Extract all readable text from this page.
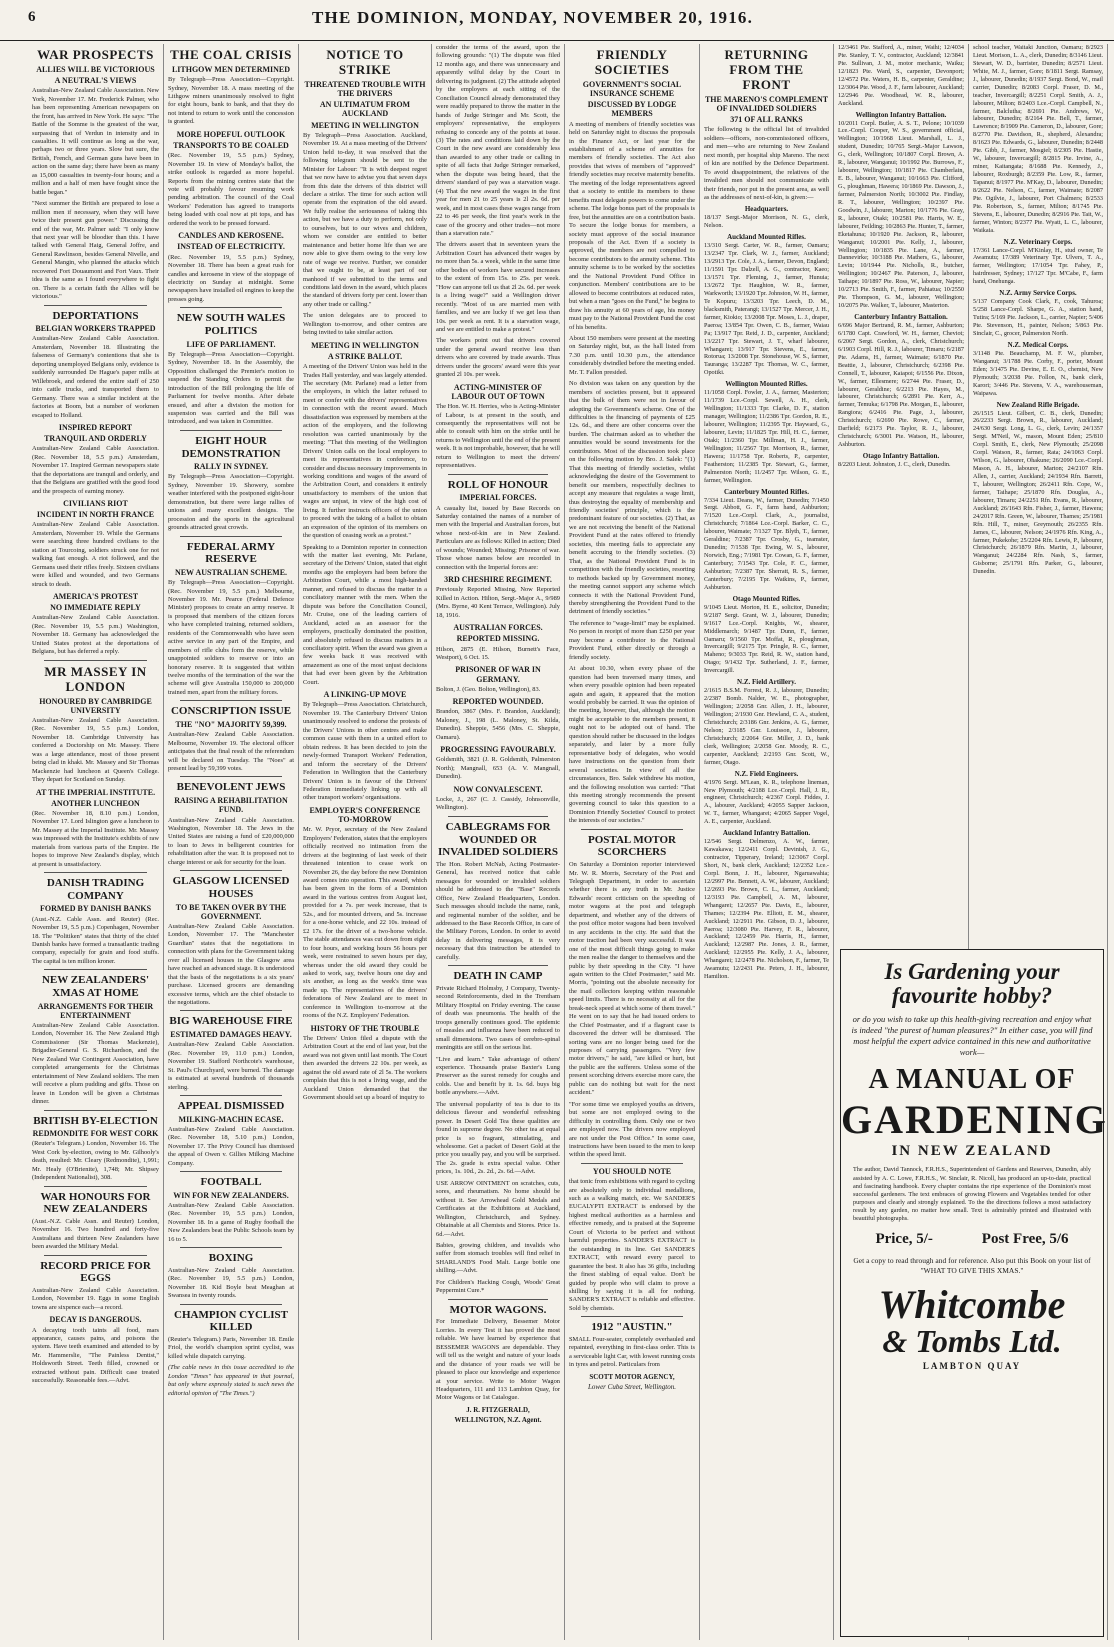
6	THE DOMINION, MONDAY, NOVEMBER 20, 1916.
WAR PROSPECTS
ALLIES WILL BE VICTORIOUS
A NEUTRAL'S VIEWS

Australian-New Zealand Cable Association. New York, November 17. Mr. Frederick Palmer, who has been representing American newspapers on the front, has arrived in New York. He says: "The Battle of the Somme is the greatest of the war, surpassing that of Verdun in intensity and in casualties. It will continue as long as the war, perhaps two or three years. Slow but sure, the British, French, and German guns have been in action on the same day; there have been as many as 15,000 casualties in twenty-four hours; and a million and a half of men have fought since the battle began."

"Next summer the British are prepared to lose a million men if necessary, when they will have twice their present gun power." Discussing the end of the war, Mr. Palmer said: "I only know that next year will be bloodier than this. I have talked with General Haig, General Joffre, and General Rawlinson, besides General Nivelle, and General Mangin, who planned the attacks which recovered Fort Douaumont and Fort Vaux. Their idea is the same as I found everywhere to fight on. There is a certain faith the Allies will be victorious."

DEPORTATIONS
BELGIAN WORKERS TRAPPED

Australian-New Zealand Cable Association. Amsterdam, November 18. Illustrating the falseness of Germany's contentions that she is deporting unemployed Belgians only, evidence is suddenly surrounded De Hague's paper mills at Willebroek, and ordered the entire staff of 250 into cattle trucks, and transported them to Germany. There was a similar incident at the factories at Boom, but a number of workmen escaped to Holland.

INSPIRED REPORT
TRANQUIL AND ORDERLY

Australian-New Zealand Cable Association. (Rec. November 18, 5.5 p.m.) Amsterdam, November 17. Inspired German newspapers state that the deportations are tranquil and orderly, and that the Belgians are gratified with the good food and the prospects of earning money.

CIVILIANS RIOT
INCIDENT IN NORTH FRANCE

Australian-New Zealand Cable Association. Amsterdam, November 19. While the Germans were searching three hundred civilians to the station at Tourcoing, soldiers struck one for not walking fast enough. A riot followed, and the Germans used their rifles freely. Sixteen civilians were killed and wounded, and two Germans struck to death.

AMERICA'S PROTEST
NO IMMEDIATE REPLY

Australian-New Zealand Cable Association. (Rec. November 19, 5.5 p.m.) Washington, November 18. Germany has acknowledged the United States protest at the deportations of Belgians, but has deferred a reply.

MR MASSEY IN LONDON
HONOURED BY CAMBRIDGE UNIVERSITY

Australian-New Zealand Cable Association. (Rec. November 19, 5.5 p.m.) London, November 18. Cambridge University has conferred a Doctorship on Mr. Massey. There was a large attendance, most of those present being clad in khaki. Mr. Massey and Sir Thomas Mackenzie had luncheon at Queen's College. They depart for Scotland on Sunday.

AT THE IMPERIAL INSTITUTE.
ANOTHER LUNCHEON

(Rec. November 18, 8.10 p.m.) London, November 17. Lord Islington gave a luncheon to Mr. Massey at the Imperial Institute. Mr. Massey was impressed with the Institute's exhibits of raw materials from various parts of the Empire. He hopes to improve New Zealand's display, which at present is unsatisfactory.

DANISH TRADING COMPANY
FORMED BY DANISH BANKS

(Aust.-N.Z. Cable Assn. and Reuter) (Rec. November 19, 5.5 p.m.) Copenhagen, November 18. The "Politiken" states that thirty of the chief Danish banks have formed a transatlantic trading company, especially for grain and food stuffs. The capital is ten million kroner.

NEW ZEALANDERS' XMAS AT HOME
ARRANGEMENTS FOR THEIR ENTERTAINMENT

Australian-New Zealand Cable Association. London, November 16. The New Zealand High Commissioner (Sir Thomas Mackenzie), Brigadier-General G. S. Richardson, and the New Zealand War Contingent Association, have completed arrangements for the Christmas entertainment of New Zealand soldiers. The men will receive a plum pudding and gifts. Those on leave in London will be given a Christmas dinner.

BRITISH BY-ELECTION
REDMONDITE FOR WEST CORK

(Reuter's Telegram.) London, November 16. The West Cork by-election, owing to Mr. Gilhooly's death, resulted: Mr. Cleary (Redmondite), 1,991; Mr. Healy (O'Brienite), 1,748; Mr. Shipsey (Independent Nationalist), 308.

WAR HONOURS FOR NEW ZEALANDERS

(Aust.-N.Z. Cable Assn. and Reuter) London, November 16. Two hundred and forty-five Australians and thirteen New Zealanders have been awarded the Military Medal.

RECORD PRICE FOR EGGS

Australian-New Zealand Cable Association. London, November 19. Eggs in some English towns are sixpence each—a record.

DECAY IS DANGEROUS.

A decaying tooth taints all food, mars appearance, causes pains, and poisons the system. Have teeth examined and attended to by Mr. Hammerslie, "The Painless Dentist," Holdsworth Street. Teeth filled, crowned or extracted without pain. Difficult case treated successfully. Reasonable fees.—Advt.

THE COAL CRISIS
LITHGOW MEN DETERMINED

By Telegraph—Press Association—Copyright. Sydney, November 18. A mass meeting of the Lithgow miners unanimously resolved to fight for eight hours, bank to bank, and that they do not intend to return to work until the concession is granted.

MORE HOPEFUL OUTLOOK
TRANSPORTS TO BE COALED

(Rec. November 19, 5.5 p.m.) Sydney, November 19. In view of Monday's ballot, the strike outlook is regarded as more hopeful. Reports from the mining centres state that the vote will probably favour resuming work pending arbitration. The council of the Coal Workers' Federation has agreed to transports being loaded with coal now at pit tops, and has ordered the work to be pressed forward.

CANDLES AND KEROSENE.
INSTEAD OF ELECTRICITY.

(Rec. November 19, 5.5 p.m.) Sydney, November 18. There has been a great rush for candles and kerosene in view of the stoppage of electricity on Sunday at midnight. Some newspapers have installed oil engines to keep the presses going.

NEW SOUTH WALES POLITICS
LIFE OF PARLIAMENT.

By Telegraph—Press Association—Copyright. Sydney, November 18. In the Assembly, the Opposition challenged the Premier's motion to suspend the Standing Orders to permit the introduction of the Bill prolonging the life of Parliament for twelve months. After debate ensued, and after a division the motion for suspension was carried and the Bill was introduced, and was taken in Committee.

EIGHT HOUR DEMONSTRATION
RALLY IN SYDNEY.

By Telegraph—Press Association—Copyright. Sydney, November 19. Showery, sombre weather interfered with the postponed eight-hour demonstration, but there were large rallies of unions and many excellent designs. The procession and the sports in the agricultural grounds attracted great crowds.

FEDERAL ARMY RESERVE
NEW AUSTRALIAN SCHEME.

By Telegraph—Press Association—Copyright. (Rec. November 19, 5.5 p.m.) Melbourne, November 19. Mr. Pearce (Federal Defence Minister) proposes to create an army reserve. It is proposed that members of the citizen forces who have completed training, returned soldiers, residents of the Commonwealth who have seen active service in any part of the Empire, and members of rifle clubs form the reserve, while unappointed soldiers to reserve or into an honorary reserve. It is suggested that within twelve months of the termination of the war the scheme will give Australia 150,000 to 200,000 trained men, apart from the military forces.

CONSCRIPTION ISSUE
THE "NO" MAJORITY 59,399.

Australian-New Zealand Cable Association. Melbourne, November 19. The electoral officer anticipates that the final result of the referendum will be declared on Tuesday. The "Noes" at present lead by 59,399 votes.

BENEVOLENT JEWS
RAISING A REHABILITATION FUND.

Australian-New Zealand Cable Association. Washington, November 18. The Jews in the United States are raising a fund of £20,000,000 to loan to Jews in belligerent countries for rehabilitation after the war. It is proposed not to charge interest or ask for security for the loan.

GLASGOW LICENSED HOUSES
TO BE TAKEN OVER BY THE GOVERNMENT.

Australian-New Zealand Cable Association. London, November 17. The "Manchester Guardian" states that the negotiations in connection with plans for the Government taking over all licensed houses in the Glasgow area have reached an advanced stage. It is understood that the basis of the negotiations is a six years' purchase. Licensed grocers are demanding excessive terms, which are the chief obstacle to the negotiations.

BIG WAREHOUSE FIRE
ESTIMATED DAMAGES HEAVY.

Australian-New Zealand Cable Association. (Rec. November 19, 11.0 p.m.) London, November 19. Stafford Northcote's warehouse, St. Paul's Churchyard, were burned. The damage is estimated at several hundreds of thousands sterling.

APPEAL DISMISSED
MILKING-MACHIN ECASE.

Australian-New Zealand Cable Association. (Rec. November 18, 5.10 p.m.) London, November 17. The Privy Council has dismissed the appeal of Owen v. Gillies Milking Machine Company.

FOOTBALL
WIN FOR NEW ZEALANDERS.

Australian-New Zealand Cable Association. (Rec. November 19, 5.5 p.m.) London, November 18. In a game of Rugby football the New Zealanders beat the Public Schools team by 16 to 5.

BOXING

Australian-New Zealand Cable Association. (Rec. November 19, 5.5 p.m.) London, November 18. Kid Boyle beat Meaghan at Swansea in twenty rounds.

CHAMPION CYCLIST KILLED

(Reuter's Telegram.) Paris, November 18. Emile Friol, the world's champion sprint cyclist, was killed while dispatch carrying.

(The cable news in this issue accredited to the London "Times" has appeared in that journal, but only where expressly stated is such news the editorial opinion of "The Times.")

NOTICE TO STRIKE
THREATENED TROUBLE WITH THE DRIVERS
AN ULTIMATUM FROM AUCKLAND
MEETING IN WELLINGTON

By Telegraph—Press Association. Auckland, November 19. At a mass meeting of the Drivers' Union held to-day, it was resolved that the following telegram should be sent to the Minister for Labour: "It is with deepest regret that we now have to advise you that seven days from this date the drivers of this district will declare a strike. The time for such action will operate from the expiration of the old award. We fully realise the seriousness of taking this action, but we have a duty to perform, not only to ourselves, but to our wives and children, whom we consider are entitled to better maintenance and better home life than we are now able to give them owing to the very low rate of wage we receive. Further, we consider that we ought to be, at least part of our manhood if we submitted to the terms and conditions laid down in the award, which places the standard of drivers forty per cent. lower than any other trade or calling."

The union delegates are to proceed to Wellington to-morrow, and other centres are being invited to take similar action.

MEETING IN WELLINGTON
A STRIKE BALLOT.

A meeting of the Drivers' Union was held in the Trades Hall yesterday, and was largely attended. The secretary (Mr. Parlane) read a letter from the employers, in which the latter refused to meet or confer with the drivers' representatives in connection with the recent award. Much dissatisfaction was expressed by members at the action of the employers, and the following resolution was carried unanimously by the meeting: "That this meeting of the Wellington Drivers' Union calls on the local employers to meet its representatives in conference, to consider and discuss necessary improvements in working conditions and wages of the award of the Arbitration Court, and considers it entirely unsatisfactory to members of the union that wages are unjust, in view of the high cost of living. It further instructs officers of the union to proceed with the taking of a ballot to obtain an expression of the opinion of its members on the question of ceasing work as a protest."

Speaking to a Dominion reporter in connection with the matter last evening, Mr. Parlane, secretary of the Drivers' Union, stated that eight months ago the employers had been before the Arbitration Court, while a most high-handed manner, and refused to discuss the matter in a conciliatory manner with the men. When the dispute was before the Conciliation Council, Mr. Cruise, one of the leading carriers of Auckland, acted as an assessor for the employers, practically dominated the position, and absolutely refused to discuss matters in a conciliatory spirit. When the award was given a few weeks back it was received with amazement as one of the most unjust decisions that had ever been given by the Arbitration Court.

A LINKING-UP MOVE

By Telegraph—Press Association. Christchurch, November 19. The Canterbury Drivers' Union unanimously resolved to endorse the protests of the Drivers' Unions in other centres and make common cause with them in a united effort to obtain redress. It has been decided to join the newly-formed Transport Workers' Federation, and inform the secretary of the Drivers' Federation in Wellington that the Canterbury Drivers' Union is in favour of the Drivers' Federation immediately linking up with all other transport workers' organisations.

EMPLOYER'S CONFERENCE TO-MORROW

Mr. W. Pryor, secretary of the New Zealand Employers' Federation, states that the employers officially received no intimation from the drivers at the beginning of last week of their threatened intention to cease work on November 26, the day before the new Dominion award comes into operation. This award, which has been given in the form of a Dominion award in the various centres from August last, provided for a 7s. per week increase, that is 52s., and for mounted drivers, and 5s. increase for a one-horse vehicle, and 22 10s. instead of £2 17s. for the driver of a two-horse vehicle. The stable attendances was cut down from eight to four hours, and working hours 56 hours per week, were restrained to seven hours per day, whereas under the old award they could be asked to work, say, twelve hours one day and six another, as long as the week's time was made up. The representatives of the drivers' federations of New Zealand are to meet in conference in Wellington to-morrow at the rooms of the N.Z. Employers' Federation.

HISTORY OF THE TROUBLE

The Drivers' Union filed a dispute with the Arbitration Court at the end of last year, but the award was not given until last month. The Court then awarded the drivers 22 10s. per week, as against the old award rate of 2l 5s. The workers complain that this is not a living wage, and the Auckland Union demanded that the Government should set up a board of inquiry to

consider the terms of the award, upon the following grounds: "(1) The dispute was filed 12 months ago, and there was unnecessary and apparently wilful delay by the Court in delivering its judgment. (2) The attitude adopted by the employers at each sitting of the Conciliation Council already demonstrated they were readily prepared to throw the matter in the hands of Judge Stringer and Mr. Scott, the employers' representative, the employers refusing to concede any of the points at issue. (3) The rates and conditions laid down by the Court in the new award are considerably less than awarded to any other trade or calling in spite of all facts that Judge Stringer remarked, when the dispute was being heard, that the drivers' standard of pay was a starvation wage. (4) That the new award the wages in the first year for men 21 to 25 years is 2l 2s. 6d. per week, and in most cases these wages range from 22 to 46 per week, the first year's work in the case of the grocery and other trades—not more than a starvation rate."

The drivers assert that in seventeen years the Arbitration Court has advanced their wages by no more than 5s. a week, while in the same time other bodies of workers have secured increases to the extent of from 15s. to 25s. per week. "How can anyone tell us that 2l 2s. 6d. per week is a living wage?" said a Wellington driver recently. "Most of us are married men with families, and we are lucky if we get less than 10s. per week as rent. It is a starvation wage, and we are entitled to make a protest."

The workers point out that drivers covered under the general award receive less than drivers who are covered by trade awards. Thus drivers under the grocers' award were this year granted 2l 10s. per week.

ACTING-MINISTER OF LABOUR OUT OF TOWN

The Hon. W. H. Herries, who is Acting-Minister of Labour, is at present in the south, and consequently the representatives will not be able to consult with him on the strike until he returns to Wellington until the end of the present week. It is not improbable, however, that he will return to Wellington to meet the drivers' representatives.

ROLL OF HONOUR
IMPERIAL FORCES.

A casualty list, issued by Base Records on Saturday contained the names of a number of men with the Imperial and Australian forces, but whose next-of-kin are in New Zealand. Particulars are as follows: Killed in action; Died of wounds; Wounded; Missing; Prisoner of war. Those whose names below are recorded in connection with the Imperial forces are:

3RD CHESHIRE REGIMENT.

Previously Reported Missing, Now Reported Killed in Action. Hilton, Sergt.-Major A., 9/989 (Mrs. Byrne, 40 Kent Terrace, Wellington). July 18, 1916.

AUSTRALIAN FORCES.
REPORTED MISSING.

Hilson, 2875 (E. Hilson, Burnett's Face, Westport), 6 Oct. 15.

PRISONER OF WAR IN GERMANY.

Bolton, J. (Geo. Bolton, Wellington), 83.

REPORTED WOUNDED.

Brandon, 3867 (Mrs. F. Brandon, Auckland); Maloney, J., 198 (L. Maloney, St. Kilda, Dunedin). Sheppie, 5456 (Mrs. C. Sheppie, Oamaru).

PROGRESSING FAVOURABLY.

Goldsmith, 3821 (J. R. Goldsmith, Palmerston North); Mangnall, 653 (A. V. Mangnall, Dunedin).

NOW CONVALESCENT.

Locke, J., 267 (C. J. Cassidy, Johnsonville, Wellington).

CABLEGRAMS FOR WOUNDED OR INVALIDED SOLDIERS

The Hon. Robert McNab, Acting Postmaster-General, has received notice that cable messages for wounded or invalided soldiers should be addressed to the "Base" Records Office, New Zealand Headquarters, London. Such messages should include the name, rank, and regimental number of the soldier, and be addressed to the Base Records Office, in care of the Military Forces, London. In order to avoid delay in delivering messages, it is very necessary that this instruction be attended to carefully.

DEATH IN CAMP

Private Richard Holmsby, J Company, Twenty-second Reinforcements, died in the Trentham Military Hospital on Friday evening. The cause of death was pneumonia. The health of the troops generally continues good. The epidemic of measles and influenza have been reduced to small dimensions. Two cases of cerebro-spinal meningitis are still on the serious list.

"Live and learn." Take advantage of others' experience. Thousands praise Baxter's Lung Preserver as the surest remedy for coughs and colds. Use and benefit by it. 1s. 6d. buys big bottle anywhere.—Advt.

The universal popularity of tea is due to its delicious flavour and wonderful refreshing power. In Desert Gold Tea these qualities are found in supreme degree. No other tea at equal price is so fragrant, stimulating, and wholesome. Get a packet of Desert Gold at the price you usually pay, and you will be surprised. The 2s. grade is extra special value. Other prices, 1s. 10d., 2s. 2d., 2s. 6d.—Advt.

USE ARROW OINTMENT on scratches, cuts, sores, and rheumatism. No home should be without it. See Arrowhead Gold Medals and Certificates at the Exhibitions at Auckland, Wellington, Christchurch, and Sydney. Obtainable at all Chemists and Stores. Price 1s. 6d.—Advt.

Babies, growing children, and invalids who suffer from stomach troubles will find relief in SHARLAND'S Food Malt. Large bottle one shilling.—Advt.

For Children's Hacking Cough, Woods' Great Peppermint Cure.*

MOTOR WAGONS.

For Immediate Delivery, Bessemer Motor Lorries. In every Test it has proved the most reliable. We have learned by experience that BESSEMER WAGONS are dependable. They will tell us the weight and nature of your loads and the distance of your roads we will be pleased to place our knowledge and experience at your service. Write to Motor Wagon Headquarters, 111 and 113 Lambton Quay, for Motor Wagons or 1st Catalogue.

J. R. FITZGERALD,
WELLINGTON, N.Z. Agent.
FRIENDLY SOCIETIES
GOVERNMENT'S SOCIAL INSURANCE SCHEME
DISCUSSED BY LODGE MEMBERS

A meeting of members of friendly societies was held on Saturday night to discuss the proposals in the Finance Act, or last year for the establishment of a scheme of annuities for members of friendly societies. The Act also provides that wives of members of "approved" friendly societies may receive maternity benefits. The meeting of the lodge representatives agreed that a society to entitle its members to these benefits must delegate powers to come under the scheme. The lodge bonus part of the proposals is free, but the annuities are on a contribution basis. To secure the lodge bonus for members, a society must approve of the social insurance proposals of the Act. Even if a society is approved, the members are not compelled to become contributors to the annuity scheme. This annuity scheme is to be worked by the societies and the National Provident Fund Office in conjunction. Members' contributions are to be allowed to become contributors at reduced rates, but when a man "goes on the Fund," he begins to draw his annuity at 60 years of age, his money must pay to the National Provident Fund the cost of his benefits.

About 150 members were present at the meeting on Saturday night, but, as the hall listed from 7.30 p.m. until 10.30 p.m., the attendance considerably dwindled before the meeting ended. Mr. T. Fallon presided.

No division was taken on any question by the members of societies present, but it appeared that the bulk of them were not in favour of adopting the Government's scheme. One of the difficulties is the financing of payments of £25 12s. 6d., and there are other concerns over the burden. The chairman asked as to whether the annuities would be sound investments for the contributors. Most of the discussion took place on the following motion by Bro. J. Salek: "(1) That this meeting of friendly societies, whilst acknowledging the desire of the Government to benefit our members, respectfully declines to accept any measure that regulates a wage limit, thus destroying the equality of membership and friendly societies' principle, which is the predominant feature of our societies. (2) That, as we are not receiving the benefit of the National Provident Fund at the rates offered to friendly societies, this meeting fails to appreciate any benefit accruing to the friendly societies. (3) That, as the National Provident Fund is in competition with the friendly societies, resorting to methods backed up by Government money, the meeting cannot support any scheme which connects it with the National Provident Fund, thereby strengthening the Provident Fund to the detriment of friendly societies."

The reference to "wage-limit" may be explained. No person in receipt of more than £250 per year may become a contributor to the National Provident Fund, either directly or through a friendly society.

At about 10.30, when every phase of the question had been traversed many times, and when every possible opinion had been repeated again and again, it appeared that the motion would probably be carried. It was the opinion of the meeting, however, that, although the motion might be acceptable to the members present, it ought not to be adopted out of hand. The question should rather be discussed in the lodges separately, and later by a more fully representative body of delegates, who would have instructions on the question from their several societies. In view of all the circumstances, Bro. Salek withdrew his motion, and the following resolution was carried: "That this meeting strongly recommends the present governing council to take this question to a Dominion Friendly Societies' Council to protect the interests of our societies."

POSTAL MOTOR SCORCHERS

On Saturday a Dominion reporter interviewed Mr. W. R. Morris, Secretary of the Post and Telegraph Department, in order to ascertain whether there is any truth in Mr. Justice Edwards' recent criticism on the speeding of motor wagons at the post and telegraph department, and whether any of the drivers of the post office motor wagons had been involved in any accidents in the city. He said that the motor traction had been very successful. It was one of the most difficult things going to make the men realise the danger to themselves and the public by their speeding in the City. "I have again written to the Chief Postmaster," said Mr. Morris, "pointing out the absolute necessity for the mail collectors keeping within reasonable speed limits. There is no necessity at all for the break-neck speed at which some of them travel." He went on to say that he had issued orders to the Chief Postmaster, and if a flagrant case is discovered the driver will be dismissed. The sorting vans are no longer being used for the purposes of carrying passengers. "Very few motor drivers," he said, "are killed or hurt, but the public are the sufferers. Unless some of the present scorching drivers exercise more care, the public can do nothing but wait for the next accident."

"For some time we employed youths as drivers, but some are not employed owing to the difficulty in controlling them. Only one or two are employed now. The drivers now employed are not under the Post Office." In some case, instructions have been issued to the men to keep within the speed limit.

YOU SHOULD NOTE

that tonic from exhibitions with regard to cycling are absolutely only to individual medallions, such as a walking match, etc. We SANDER'S EUCALYPTI EXTRACT is endorsed by the highest medical authorities as a harmless and effective remedy, and is praised at the Supreme Court of Victoria to be perfect and without harmful properties. SANDER'S EXTRACT is the outstanding in its line. Get SANDER'S EXTRACT, with reward every parcel to guarantee the best. It also has 36 gifts, including the finest stabling of equal value. Don't be guided by people who will claim to prove a shilling by saying it is all for nothing. SANDER'S EXTRACT is reliable and effective. Sold by chemists.

1912 "AUSTIN."

SMALL Four-seater, completely overhauled and repainted, everything in first-class order. This is a serviceable light Car, with lowest running costs in tyres and petrol. Particulars from

SCOTT MOTOR AGENCY,
Lower Cuba Street, Wellington.
RETURNING FROM THE FRONT
THE MARENO'S COMPLEMENT OF INVALIDED SOLDIERS
371 OF ALL RANKS

The following is the official list of invalided soldiers—officers, non-commissioned officers, and men—who are returning to New Zealand next month, per hospital ship Mareno. The next of kin are notified by the Defence Department. To avoid disappointment, the relatives of the invalided men should not communicate with their friends, nor put in the present area, as well as the addresses of next-of-kin, is given:—

Headquarters.

18/137 Sergt.-Major Morrison, N. G., clerk, Nelson.

Auckland Mounted Rifles.

13/310 Sergt. Carter, W. R., farmer, Oamaru; 13/2347 Tpr. Clark, W. J., farmer, Auckland; 13/2913 Tpr. Cole, J. A., farmer, Devon, England; 11/1591 Tpr. Dalzell, A. G., contractor, Kaeo; 13/1571 Tpr. Fleming, J., farmer, Hunuia; 13/2672 Tpr. Haughton, W. R., farmer, Warkworth; 13/1920 Tpr. Johnston, W. H., farmer, Te Kopuru; 13/3203 Tpr. Leech, D. M., blacksmith, Paterangi; 13/1527 Tpr. Mercer, J. H., farmer, Kiokio; 13/2008 Tpr. Moses, L. J., draper, Paeroa; 13/854 Tpr. Owen, C. B., farmer, Waiau Pa; 13/917 Tpr. Reid, J. D., carpenter, Auckland; 13/2217 Tpr. Stewart, J. T., wharf labourer, Whangarei; 13/917 Tpr. Stevens, E., farmer, Rotorua; 13/2008 Tpr. Stonehouse, W. S., farmer, Tauranga; 13/2287 Tpr. Thomas, W. C., farmer, Opotiki.

Wellington Mounted Rifles.

11/1058 Corpl. Fowler, J. A., farmer, Masterton; 11/1739 Lce.-Corpl. Sewell, A. H., clerk, Wellington; 11/1333 Tpr. Clarke, D. F., station manager, Wellington; 11/2386 Tpr. Gordon, R. E., labourer, Wellington; 11/2395 Tpr. Hayward, G., labourer, Levin; 11/1825 Tpr. Hill, H. C., farmer, Otaki; 11/2360 Tpr. Millman, H. J., farmer, Wellington; 11/2567 Tpr. Morrison, R., farmer, Hawera; 11/1758 Tpr. Roberts, P., carpenter, Featherston; 11/2385 Tpr. Stewart, G., farmer, Palmerston North; 11/2457 Tpr. Wilson, G. E., farmer, Wellington.

Canterbury Mounted Rifles.

7/334 Lieut. Deans, W., farmer, Dunedin; 7/1450 Sergt. Abbott, G. F., farm hand, Ashburton; 7/1520 Lce.-Corpl. Clark, A., journalist, Christchurch; 7/1864 Lce.-Corpl. Barker, C. C., labourer, Waimate; 7/1327 Tpr. Blyth, T., farmer, Geraldine; 7/2387 Tpr. Crosby, G., teamster, Dunedin; 7/1538 Tpr. Ewing, W. S., labourer, Norwich, Eng.; 7/1981 Tpr. Cowan, G. F., farmer, Canterbury; 7/1543 Tpr. Cole, F. C., farmer, Ashburton; 7/2387 Tpr. Sherratt, R. S., farmer, Canterbury; 7/2195 Tpr. Watkins, P., farmer, Ashburton.

Otago Mounted Rifles.

9/1045 Lieut. Morton, H. E., solicitor, Dunedin; 9/2187 Sergt. Grant, W. J., labourer, Dunedin; 9/1617 Lce.-Corpl. Knights, W., shearer, Middlemarch; 9/1487 Tpr. Dunn, F., farmer, Oamaru; 9/1560 Tpr. Moffat, R., ploughman, Invercargill; 9/2175 Tpr. Pringle, R. C., farmer, Maheno; 9/3033 Tpr. Reid, R. W., station hand, Otago; 9/1432 Tpr. Sutherland, J. F., farmer, Invercargill.

N.Z. Field Artillery.

2/1615 B.S.M. Forrest, R. J., labourer, Dunedin; 2/2387 Bomb. Nalder, W. E., photographer, Wellington; 2/2058 Gnr. Allen, J. H., labourer, Wellington; 2/1930 Gnr. Hewland, C. A., student, Christchurch; 2/3186 Gnr. Jenkins, A. G., farmer, Nelson; 2/3185 Gnr. Louisson, J., labourer, Christchurch; 2/2064 Gnr. Miller, J. D., bank clerk, Wellington; 2/2058 Gnr. Moody, R. C., carpenter, Auckland; 2/2193 Gnr. Scott, W., farmer, Otago.

N.Z. Field Engineers.

4/1976 Sergt. M'Lean, K. R., telephone lineman, New Plymouth; 4/2188 Lce.-Corpl. Hall, J. R., engineer, Christchurch; 4/2367 Corpl. Fiddes, J. A., labourer, Auckland; 4/2055 Sapper Jackson, W. T., farmer, Whangarei; 4/2065 Sapper Vogel, A. E., carpenter, Auckland.

Auckland Infantry Battalion.

12/546 Sergt. Delmenzo, A. W., farmer, Kawakawa; 12/2411 Corpl. Devinish, J. G., contractor, Tipperary, Ireland; 12/3067 Corpl. Short, N., bank clerk, Auckland; 12/2352 Lce.-Corpl. Bonn, J. H., labourer, Ngaruawahia; 12/2997 Pte. Bennett, A. W., labourer, Auckland; 12/2693 Pte. Brown, C. L., farmer, Auckland; 12/3193 Pte. Campbell, A. M., labourer, Whangarei; 12/2657 Pte. Davis, E., labourer, Thames; 12/2394 Pte. Elliott, E. M., shearer, Auckland; 12/2911 Pte. Gibson, D. J., labourer, Paeroa; 12/3080 Pte. Harvey, F. R., labourer, Auckland; 12/2459 Pte. Harris, H., farmer, Auckland; 12/2987 Pte. Jones, J. R., farmer, Auckland; 12/2955 Pte. Kelly, J. A., labourer, Whangarei; 12/2478 Pte. Nicholson, F., farmer, Te Awamutu; 12/2431 Pte. Peters, J. H., labourer, Hamilton.

12/3461 Pte. Stafford, A., miner, Waihi; 12/4034 Pte. Stanley, T. V., contractor, Auckland; 12/3841 Pte. Sullivan, J. M., motor mechanic, Waiku; 12/1823 Pte. Ward, S., carpenter, Devonport; 12/4572 Pte. Waters, H. B., carpenter, Geraldine; 12/3064 Pte. Wood, J. F., farm labourer, Auckland; 12/2946 Pte. Woodhead, W. R., labourer, Auckland.

Wellington Infantry Battalion.

10/2011 Corpl. Butler, A. S. T., Pelone; 10/1039 Lce.-Corpl. Cooper, W. S., government official, Wellington; 10/1968 Lieut. Marshall, L. J., student, Dunedin; 10/765 Sergt.-Major Lawson, G., clerk, Wellington; 10/1807 Corpl. Brown, A. R., labourer, Wanganui; 10/1992 Pte. Burrows, F., labourer, Wellington; 10/1817 Pte. Chamberlain, E. B., labourer, Wanganui; 10/1663 Pte. Clifford, G., ploughman, Hawera; 10/1869 Pte. Dawson, J., farmer, Palmerston North; 10/3002 Pte. Findlay, R. T., labourer, Wellington; 10/2397 Pte. Goodwin, J., labourer, Marton; 10/1776 Pte. Gray, R., labourer, Otaki; 10/2581 Pte. Harris, W. E., labourer, Feilding; 10/2863 Pte. Hunter, T., farmer, Eketahuna; 10/1920 Pte. Jackson, R., labourer, Wanganui; 10/2001 Pte. Kelly, J., labourer, Wellington; 10/1835 Pte. Lane, A., farmer, Dannevirke; 10/3188 Pte. Mathers, G., labourer, Levin; 10/1944 Pte. Nicholls, R., butcher, Wellington; 10/2467 Pte. Paterson, J., labourer, Taihape; 10/1897 Pte. Ross, W., labourer, Napier; 10/2713 Pte. Smith, F., farmer, Pahiatua; 10/2550 Pte. Thompson, G. M., labourer, Wellington; 10/2075 Pte. Walker, T., labourer, Masterton.

Canterbury Infantry Battalion.

6/696 Major Bertrand, R. M., farmer, Ashburton; 6/1780 Capt. Crawford, W. H., farmer, Cheviot; 6/2067 Sergt. Gordon, A., clerk, Christchurch; 6/1903 Corpl. Hill, R. J., labourer, Timaru; 6/2187 Pte. Adams, H., farmer, Waimate; 6/1870 Pte. Beattie, J., labourer, Christchurch; 6/2398 Pte. Connell, T., labourer, Kaiapoi; 6/1556 Pte. Dixon, W., farmer, Ellesmere; 6/2744 Pte. Fraser, D., labourer, Geraldine; 6/2213 Pte. Hayes, M., labourer, Christchurch; 6/2891 Pte. Kerr, A., farmer, Temuka; 6/1798 Pte. Morgan, E., labourer, Rangiora; 6/2416 Pte. Page, J., labourer, Christchurch; 6/2690 Pte. Rowe, C., farmer, Darfield; 6/2173 Pte. Taylor, R. J., labourer, Christchurch; 6/3001 Pte. Watson, H., labourer, Ashburton.

Otago Infantry Battalion.

8/2203 Lieut. Johnston, J. C., clerk, Dunedin.

school teacher, Waitaki Junction, Oamaru; 8/2923 Lieut. Morison, L. A., clerk, Dunedin; 8/3146 Lieut. Stewart, W. D., barrister, Dunedin; 8/2571 Lieut. White, M. J., farmer, Gore; 8/1811 Sergt. Ramsay, J., labourer, Dunedin; 8/1937 Sergt. Bond, W., mail carrier, Dunedin; 8/2083 Corpl. Fraser, D. M., teacher, Invercargill; 8/2251 Corpl. Smith, A. J., labourer, Milton; 8/2403 Lce.-Corpl. Campbell, N., farmer, Balclutha; 8/2691 Pte. Andrews, W., labourer, Dunedin; 8/2164 Pte. Bell, T., farmer, Lawrence; 8/1909 Pte. Cameron, D., labourer, Gore; 8/2770 Pte. Davidson, R., shepherd, Alexandra; 8/1623 Pte. Edwards, G., labourer, Dunedin; 8/2448 Pte. Gibb, J., farmer, Mosgiel; 8/2305 Pte. Hastie, W., labourer, Invercargill; 8/2815 Pte. Irvine, A., miner, Kaitangata; 8/1688 Pte. Kennedy, J., labourer, Roxburgh; 8/2359 Pte. Low, R., farmer, Tapanui; 8/1977 Pte. M'Kay, D., labourer, Dunedin; 8/2622 Pte. Nelson, C., farmer, Waimate; 8/2087 Pte. Ogilvie, J., labourer, Port Chalmers; 8/2533 Pte. Robertson, S., farmer, Milton; 8/1745 Pte. Stevens, E., labourer, Dunedin; 8/2916 Pte. Tait, W., farmer, Winton; 8/2377 Pte. Wyatt, L. C., labourer, Waikaia.

N.Z. Veterinary Corps.

17/361 Lance-Corpl. M'Kinlay, H., stud owner, Te Awamutu; 17/389 Veterinary Tpr. Ulvers, T. A., farmer, Wellington; 17/1054 Tpr. Fahey, P., hairdresser, Sydney; 17/127 Tpr. M'Cabe, F., farm hand, Onehunga.

N.Z. Army Service Corps.

5/137 Company Cook Clark, F., cook, Tahuroa; 5/258 Lance-Corpl. Sharpe, G. A., station hand, Tutira; 5/169 Pte. Jackson, L., carrier, Napier; 5/406 Pte. Stevenson, H., painter, Nelson; 5/863 Pte. Sinclair, C., grocer, Palmerston North.

N.Z. Medical Corps.

3/1148 Pte. Beauchamp, M. F. W., plumber, Wanganui; 3/1788 Pte. Corby, F., porter, Mount Eden; 3/1475 Pte. Devine, E. E. O., chemist, New Plymouth; 3/2038 Pte. Follon, N., bank clerk, Karori; 3/446 Pte. Stevens, V. A., warehouseman, Waipawa.

New Zealand Rifle Brigade.

26/1515 Lieut. Gilbert, C. B., clerk, Dunedin; 26/2233 Sergt. Brown, R., labourer, Auckland; 24/630 Sergt. Long, L. G., clerk, Levin; 24/1357 Sergt. M'Neil, W., mason, Mount Eden; 25/810 Corpl. Smith, E., clerk, New Plymouth; 25/2098 Corpl. Watson, R., farmer, Rata; 24/1063 Corpl. Wilson, G., labourer, Ohakune; 26/2090 Lce.-Corpl. Mason, A. H., labourer, Marton; 24/2107 Rfn. Allen, J., carrier, Auckland; 24/1934 Rfn. Barrett, T., labourer, Wellington; 26/2411 Rfn. Cope, W., farmer, Taihape; 25/1870 Rfn. Douglas, A., labourer, Timaru; 24/2251 Rfn. Evans, R., labourer, Auckland; 26/1643 Rfn. Fisher, J., farmer, Hawera; 24/2017 Rfn. Green, W., labourer, Thames; 25/1981 Rfn. Hill, T., miner, Greymouth; 26/2355 Rfn. James, C., labourer, Nelson; 24/1976 Rfn. King, A., farmer, Pukekohe; 25/2204 Rfn. Lewis, P., labourer, Christchurch; 26/1879 Rfn. Martin, J., labourer, Wanganui; 24/2284 Rfn. Nash, S., farmer, Gisborne; 25/1791 Rfn. Parker, G., labourer, Dunedin.

Is Gardening your favourite hobby?
or do you wish to take up this health-giving recreation and enjoy what is indeed "the purest of human pleasures?" In either case, you will find most helpful the expert advice contained in this new and authoritative work—
A MANUAL OF
GARDENING
IN NEW ZEALAND
The author, David Tannock, F.R.H.S., Superintendent of Gardens and Reserves, Dunedin, ably assisted by A. C. Lowe, F.R.H.S., W. Sinclair, R. Nicoll, has produced an up-to-date, practical and fascinating handbook. Every chapter contains the ripe experience of the Dominion's most successful gardeners. The text embraces of growing Flowers and Vegetables tended for other purposes and clearly and strongly explained. To the the directions follows a most satisfactory result by any garden, no matter how small. Text is admirably printed and illustrated with beautiful photographs.
Price, 5/-	Post Free, 5/6
Get a copy to read through and for reference. Also put this Book on your list of "WHAT TO GIVE THIS XMAS."
Whitcombe
& Tombs Ltd.
LAMBTON QUAY
